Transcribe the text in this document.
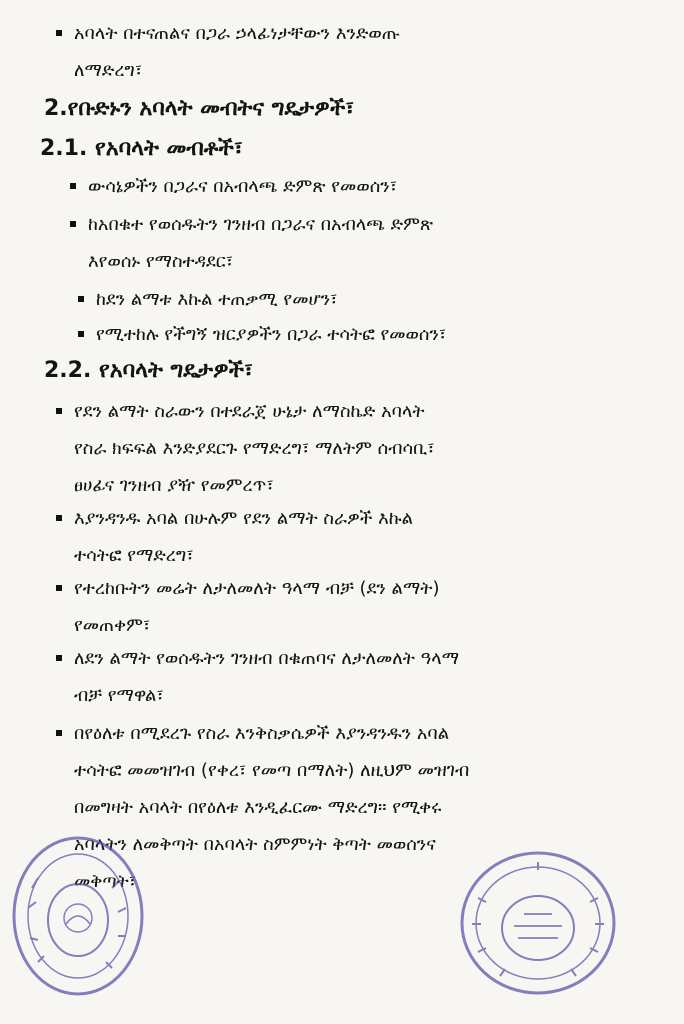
አባላት በተናጠልና በጋራ ኃላፊነታቸውን እንድወጡ
ለማድረግ፣
2.የቡድኑን አባላት መብትና ግዴታዎች፣
2.1. የአባላት መብቶች፣
ውሳኔዎችን በጋራና በአብላጫ ድምጽ የመወሰን፣
ከአበቁተ የወሰዱትን ገንዘብ በጋራና በአብላጫ ድምጽ
እየወሰኑ የማስተዳደር፣
ከደን ልማቱ እኩል ተጠቃሚ የመሆን፣
የሚተከሉ የችግኝ ዝርያዎችን በጋራ ተሳትፎ የመወሰን፣
2.2. የአባላት ግዴታዎች፣
የደን ልማት ስራውን በተደራጀ ሁኔታ ለማስኬድ አባላት
የስራ ክፍፍል እንድያደርጉ የማድረግ፣ ማለትም ሰብሳቢ፣
ፀሀፊና ገንዘብ ያዥ የመምረጥ፣
እያንዳንዱ አባል በሁሉም የደን ልማት ስራዎች እኩል
ተሳትፎ የማድረግ፣
የተረከቡትን መሬት ለታለመለት ዓላማ ብቻ (ደን ልማት)
የመጠቀም፣
ለደን ልማት የወሰዱትን ገንዘብ በቁጠባና ለታለመለት ዓላማ
ብቻ የማዋል፣
በየዕለቱ በሚደረጉ የስራ እንቅስቃሴዎች እያንዳንዱን አባል
ተሳትፎ መመዝገብ (የቀረ፣ የመጣ በማለት) ለዚህም መዝገብ
በመግዛት አባላት በየዕለቱ እንዲፈርሙ ማድረግ፡፡ የሚቀሩ
አባላትን ለመቅጣት በአባላት ስምምነት ቅጣት መወሰንና
መቅጣት፣
